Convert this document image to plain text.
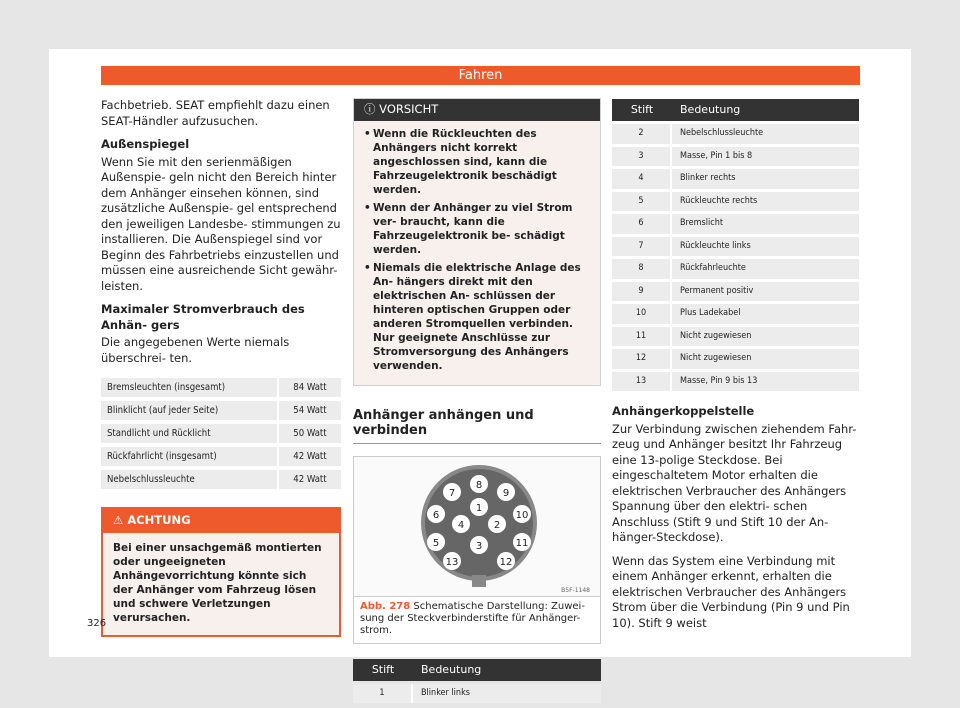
Fahren

Fachbetrieb. SEAT empfiehlt dazu einen SEAT-Händler aufzusuchen.

Außenspiegel

Wenn Sie mit den serienmäßigen Außenspie- geln nicht den Bereich hinter dem Anhänger einsehen können, sind zusätzliche Außenspie- gel entsprechend den jeweiligen Landesbe- stimmungen zu installieren. Die Außenspiegel sind vor Beginn des Fahrbetriebs einzustellen und müssen eine ausreichende Sicht gewähr- leisten.

Maximaler Stromverbrauch des Anhän- gers

Die angegebenen Werte niemals überschrei- ten.

Bremsleuchten (insgesamt)	84 Watt
Blinklicht (auf jeder Seite)	54 Watt
Standlicht und Rücklicht	50 Watt
Rückfahrlicht (insgesamt)	42 Watt
Nebelschlussleuchte	42 Watt
⚠ ACHTUNG
Bei einer unsachgemäß montierten oder ungeeigneten Anhängevorrichtung könnte sich der Anhänger vom Fahrzeug lösen und schwere Verletzungen verursachen.
326
ⓘ VORSICHT
• Wenn die Rückleuchten des Anhängers nicht korrekt angeschlossen sind, kann die Fahrzeugelektronik beschädigt werden.
• Wenn der Anhänger zu viel Strom ver- braucht, kann die Fahrzeugelektronik be- schädigt werden.
• Niemals die elektrische Anlage des An- hängers direkt mit den elektrischen An- schlüssen der hinteren optischen Gruppen oder anderen Stromquellen verbinden. Nur geeignete Anschlüsse zur Stromversorgung des Anhängers verwenden.
Anhänger anhängen und verbinden
1
2
3
4
5
6
7
8
9
10
11
12
13
B5F-1148
Abb. 278 Schematische Darstellung: Zuwei- sung der Steckverbinderstifte für Anhänger- strom.
Stift	Bedeutung
1	Blinker links
Stift	Bedeutung
2	Nebelschlussleuchte
3	Masse, Pin 1 bis 8
4	Blinker rechts
5	Rückleuchte rechts
6	Bremslicht
7	Rückleuchte links
8	Rückfahrleuchte
9	Permanent positiv
10	Plus Ladekabel
11	Nicht zugewiesen
12	Nicht zugewiesen
13	Masse, Pin 9 bis 13
Anhängerkoppelstelle

Zur Verbindung zwischen ziehendem Fahr- zeug und Anhänger besitzt Ihr Fahrzeug eine 13-polige Steckdose. Bei eingeschaltetem Motor erhalten die elektrischen Verbraucher des Anhängers Spannung über den elektri- schen Anschluss (Stift 9 und Stift 10 der An- hänger-Steckdose).

Wenn das System eine Verbindung mit einem Anhänger erkennt, erhalten die elektrischen Verbraucher des Anhängers Strom über die Verbindung (Pin 9 und Pin 10). Stift 9 weist
